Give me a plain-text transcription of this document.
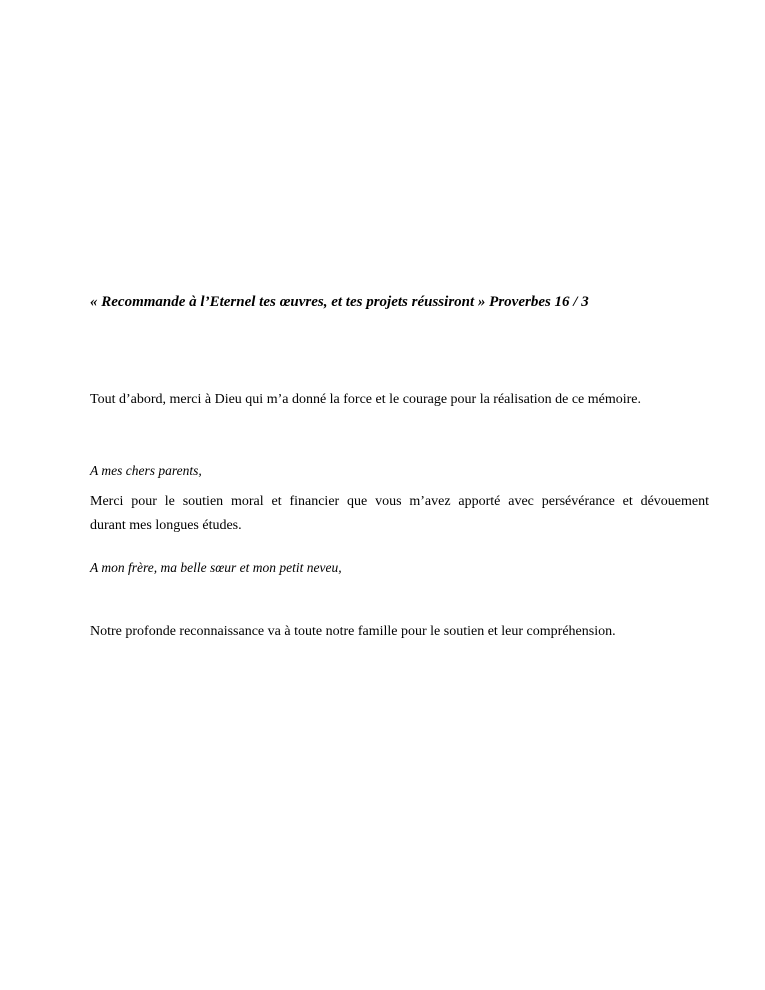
« Recommande à l’Eternel tes œuvres, et tes projets réussiront » Proverbes 16 / 3

Tout d’abord, merci à Dieu qui m’a donné la force et le courage pour la réalisation de ce mémoire.

A mes chers parents,

Merci pour le soutien moral et financier que vous m’avez apporté avec persévérance et dévouement
durant mes longues études.

A mon frère, ma belle sœur et mon petit neveu,

Notre profonde reconnaissance va à toute notre famille pour le soutien et leur compréhension.
